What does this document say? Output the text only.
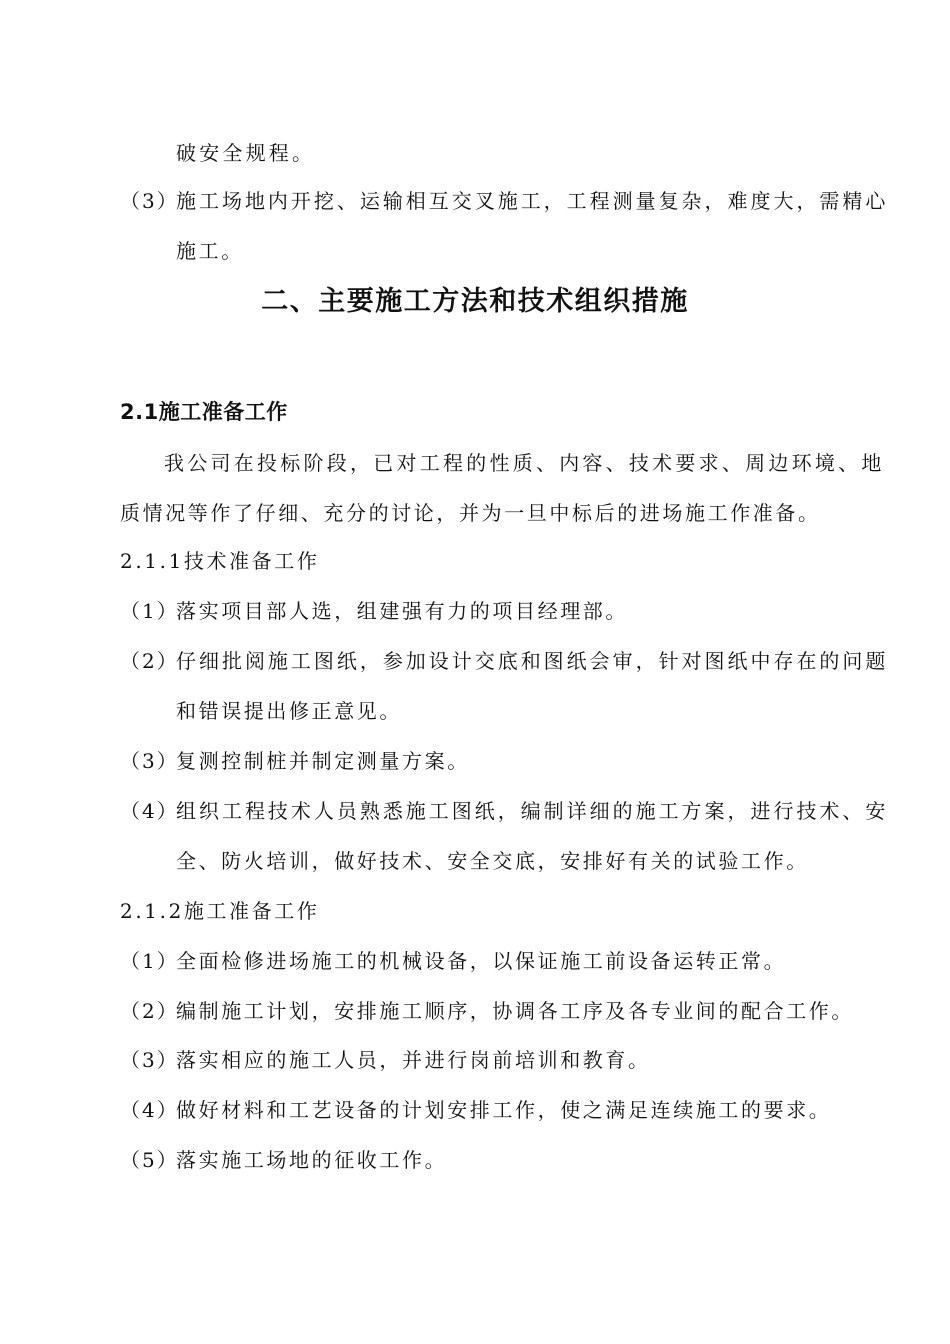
破安全规程。
（3）
施工场地内开挖、运输相互交叉施工，工程测量复杂，难度大，需精心施工。
二、主要施工方法和技术组织措施
2.1施工准备工作
我公司在投标阶段，已对工程的性质、内容、技术要求、周边环境、地质情况等作了仔细、充分的讨论，并为一旦中标后的进场施工作准备。
2.1.1技术准备工作
（1）
落实项目部人选，组建强有力的项目经理部。
（2）
仔细批阅施工图纸，参加设计交底和图纸会审，针对图纸中存在的问题和错误提出修正意见。
（3）
复测控制桩并制定测量方案。
（4）
组织工程技术人员熟悉施工图纸，编制详细的施工方案，进行技术、安全、防火培训，做好技术、安全交底，安排好有关的试验工作。
2.1.2施工准备工作
（1）
全面检修进场施工的机械设备，以保证施工前设备运转正常。
（2）
编制施工计划，安排施工顺序，协调各工序及各专业间的配合工作。
（3）
落实相应的施工人员，并进行岗前培训和教育。
（4）
做好材料和工艺设备的计划安排工作，使之满足连续施工的要求。
（5）
落实施工场地的征收工作。
